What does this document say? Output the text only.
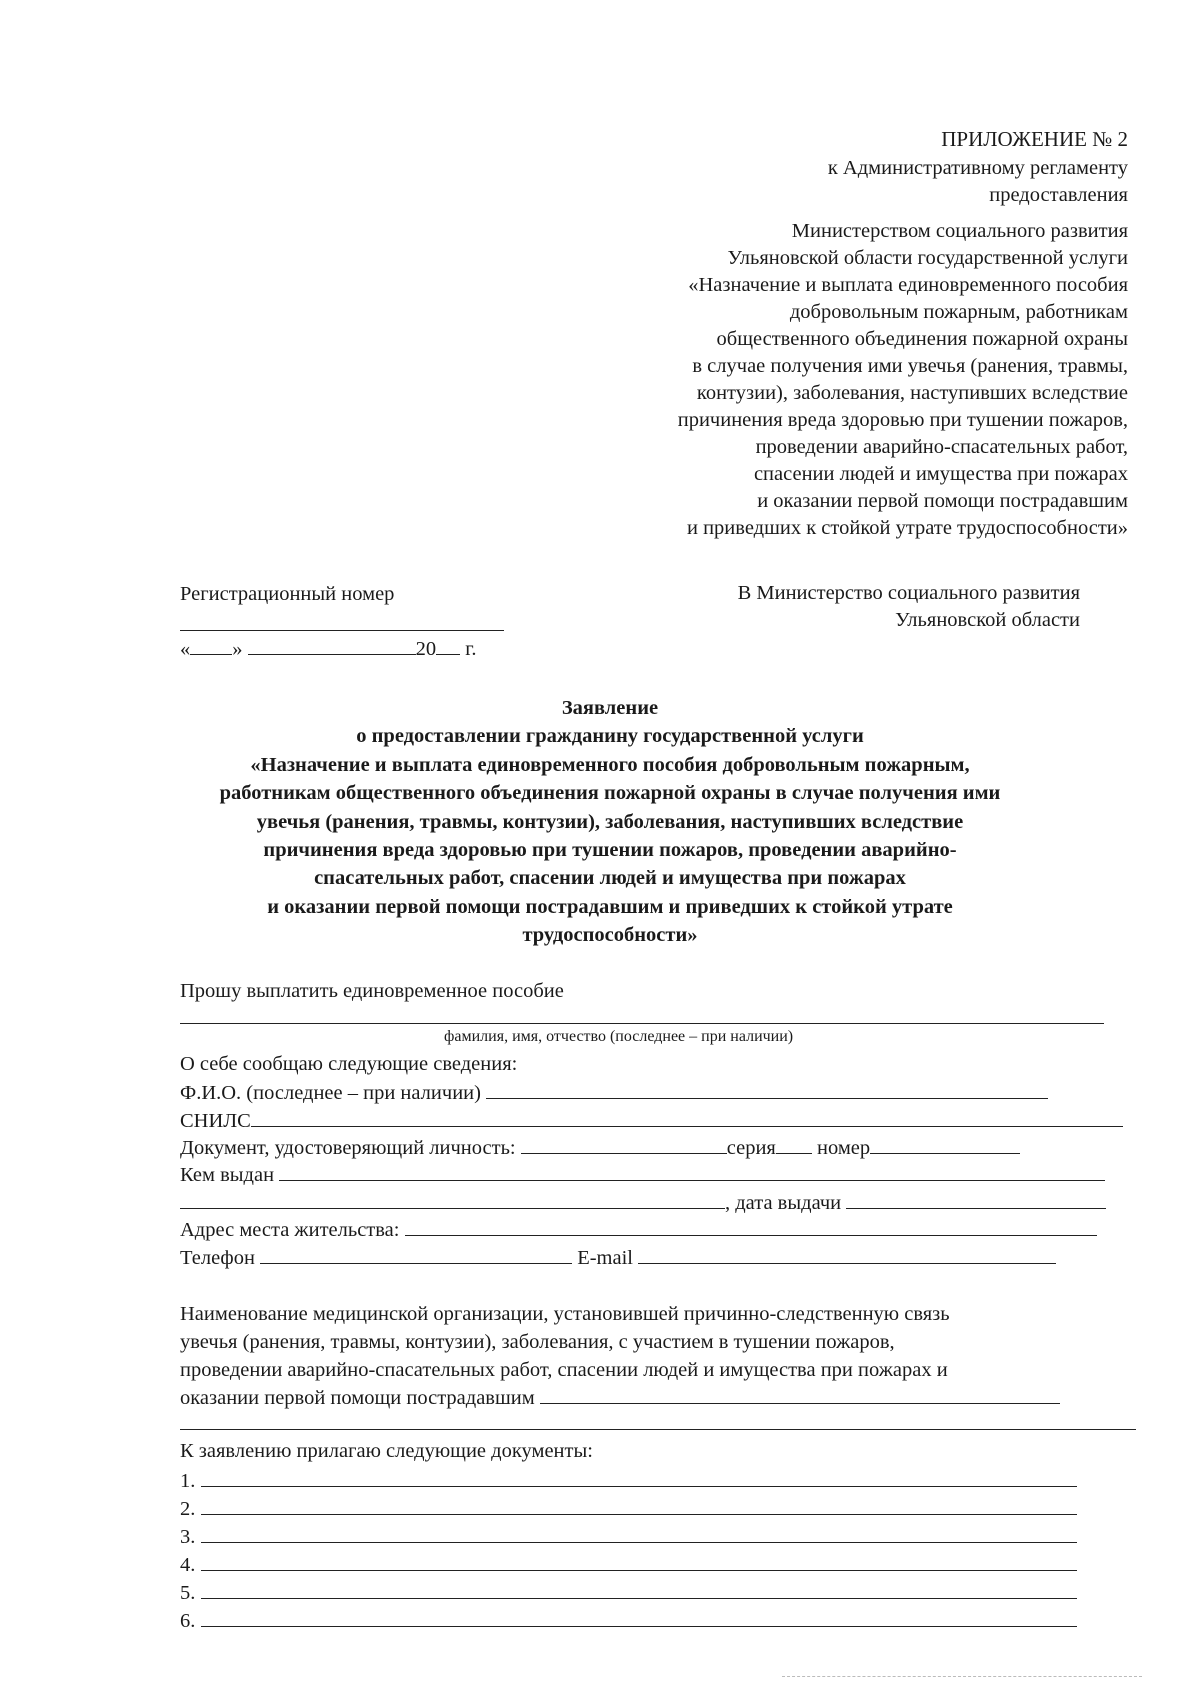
ПРИЛОЖЕНИЕ № 2
к Административному регламенту
предоставления
Министерством социального развития
Ульяновской области государственной услуги
«Назначение и выплата единовременного пособия
добровольным пожарным, работникам
общественного объединения пожарной охраны
в случае получения ими увечья (ранения, травмы,
контузии), заболевания, наступивших вследствие
причинения вреда здоровью при тушении пожаров,
проведении аварийно-спасательных работ,
спасении людей и имущества при пожарах
и оказании первой помощи пострадавшим
и приведших к стойкой утрате трудоспособности»
Регистрационный номер
« »	20 г.
В Министерство социального развития
Ульяновской области
Заявление
о предоставлении гражданину государственной услуги
«Назначение и выплата единовременного пособия добровольным пожарным,
работникам общественного объединения пожарной охраны в случае получения ими
увечья (ранения, травмы, контузии), заболевания, наступивших вследствие
причинения вреда здоровью при тушении пожаров, проведении аварийно-
спасательных работ, спасении людей и имущества при пожарах
и оказании первой помощи пострадавшим и приведших к стойкой утрате
трудоспособности»
Прошу выплатить единовременное пособие
фамилия, имя, отчество (последнее – при наличии)
О себе сообщаю следующие сведения:
Ф.И.О. (последнее – при наличии)
СНИЛС
Документ, удостоверяющий личность:	серия номер
Кем выдан
, дата выдачи
Адрес места жительства:
Телефон	E-mail
Наименование медицинской организации, установившей причинно-следственную связь
увечья (ранения, травмы, контузии), заболевания, с участием в тушении пожаров,
проведении аварийно-спасательных работ, спасении людей и имущества при пожарах и
оказании первой помощи пострадавшим
К заявлению прилагаю следующие документы:
1.
2.
3.
4.
5.
6.
